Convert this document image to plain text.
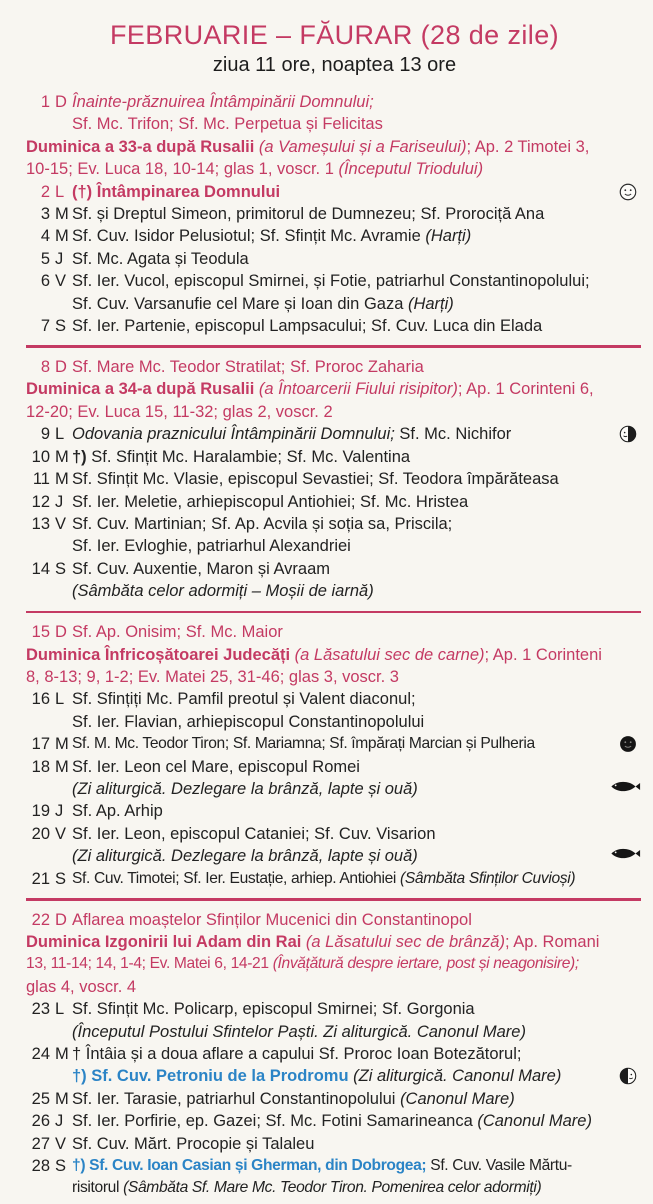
FEBRUARIE – FĂURAR (28 de zile)
ziua 11 ore, noaptea 13 ore
1 D Înainte-prăznuirea Întâmpinării Domnului;
Sf. Mc. Trifon; Sf. Mc. Perpetua și Felicitas
Duminica a 33-a după Rusalii (a Vameșului și a Fariseului); Ap. 2 Timotei 3,
10-15; Ev. Luca 18, 10-14; glas 1, voscr. 1 (Începutul Triodului)
2 L (†) Întâmpinarea Domnului
3 M Sf. și Dreptul Simeon, primitorul de Dumnezeu; Sf. Prorociță Ana
4 M Sf. Cuv. Isidor Pelusiotul; Sf. Sfințit Mc. Avramie (Harți)
5 J Sf. Mc. Agata și Teodula
6 V Sf. Ier. Vucol, episcopul Smirnei, și Fotie, patriarhul Constantinopolului;
Sf. Cuv. Varsanufie cel Mare și Ioan din Gaza (Harți)
7 S Sf. Ier. Partenie, episcopul Lampsacului; Sf. Cuv. Luca din Elada
8 D Sf. Mare Mc. Teodor Stratilat; Sf. Proroc Zaharia
Duminica a 34-a după Rusalii (a Întoarcerii Fiului risipitor); Ap. 1 Corinteni 6,
12-20; Ev. Luca 15, 11-32; glas 2, voscr. 2
9 L Odovania praznicului Întâmpinării Domnului; Sf. Mc. Nichifor
10 M †) Sf. Sfințit Mc. Haralambie; Sf. Mc. Valentina
11 M Sf. Sfințit Mc. Vlasie, episcopul Sevastiei; Sf. Teodora împărăteasa
12 J Sf. Ier. Meletie, arhiepiscopul Antiohiei; Sf. Mc. Hristea
13 V Sf. Cuv. Martinian; Sf. Ap. Acvila și soția sa, Priscila;
Sf. Ier. Evloghie, patriarhul Alexandriei
14 S Sf. Cuv. Auxentie, Maron și Avraam
(Sâmbăta celor adormiți – Moșii de iarnă)
15 D Sf. Ap. Onisim; Sf. Mc. Maior
Duminica Înfricoșătoarei Judecăți (a Lăsatului sec de carne); Ap. 1 Corinteni
8, 8-13; 9, 1-2; Ev. Matei 25, 31-46; glas 3, voscr. 3
16 L Sf. Sfințiți Mc. Pamfil preotul și Valent diaconul;
Sf. Ier. Flavian, arhiepiscopul Constantinopolului
17 M Sf. M. Mc. Teodor Tiron; Sf. Mariamna; Sf. împărați Marcian și Pulheria
18 M Sf. Ier. Leon cel Mare, episcopul Romei
(Zi aliturgică. Dezlegare la brânză, lapte și ouă)
19 J Sf. Ap. Arhip
20 V Sf. Ier. Leon, episcopul Cataniei; Sf. Cuv. Visarion
(Zi aliturgică. Dezlegare la brânză, lapte și ouă)
21 S Sf. Cuv. Timotei; Sf. Ier. Eustație, arhiep. Antiohiei (Sâmbăta Sfinților Cuvioși)
22 D Aflarea moaștelor Sfinților Mucenici din Constantinopol
Duminica Izgonirii lui Adam din Rai (a Lăsatului sec de brânză); Ap. Romani
13, 11-14; 14, 1-4; Ev. Matei 6, 14-21 (Învățătură despre iertare, post și neagonisire);
glas 4, voscr. 4
23 L Sf. Sfințit Mc. Policarp, episcopul Smirnei; Sf. Gorgonia
(Începutul Postului Sfintelor Paști. Zi aliturgică. Canonul Mare)
24 M † Întâia și a doua aflare a capului Sf. Proroc Ioan Botezătorul;
†) Sf. Cuv. Petroniu de la Prodromu (Zi aliturgică. Canonul Mare)
25 M Sf. Ier. Tarasie, patriarhul Constantinopolului (Canonul Mare)
26 J Sf. Ier. Porfirie, ep. Gazei; Sf. Mc. Fotini Samarineanca (Canonul Mare)
27 V Sf. Cuv. Mărt. Procopie și Talaleu
28 S †) Sf. Cuv. Ioan Casian și Gherman, din Dobrogea; Sf. Cuv. Vasile Mărtu-
risitorul (Sâmbăta Sf. Mare Mc. Teodor Tiron. Pomenirea celor adormiți)
